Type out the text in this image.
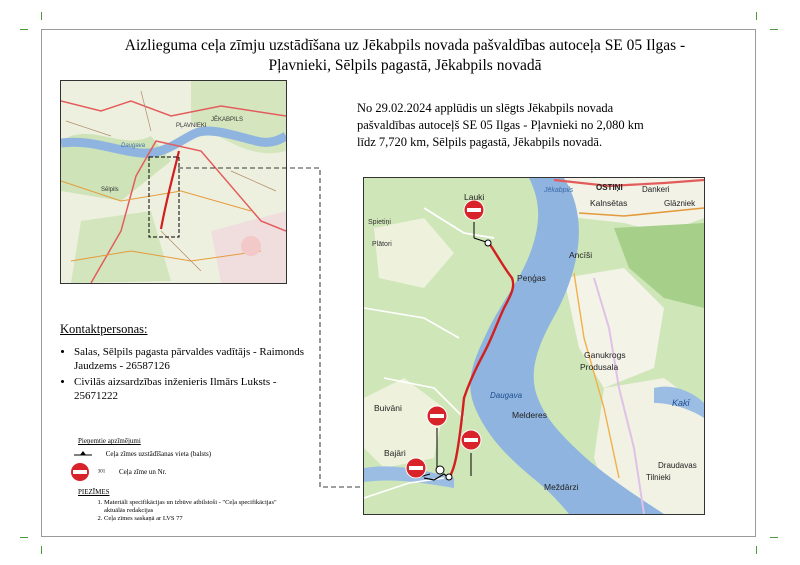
Aizlieguma ceļa zīmju uzstādīšana uz Jēkabpils novada pašvaldības autoceļa SE 05 Ilgas -
Pļavnieki, Sēlpils pagastā, Jēkabpils novadā
No 29.02.2024 applūdis un slēgts Jēkabpils novada pašvaldības autoceļš SE 05 Ilgas - Pļavnieki no 2,080 km līdz 7,720 km, Sēlpils pagastā, Jēkabpils novadā.
PĻAVNIEKI
JĒKABPILS
Sēlpils
Daugava
Lauki
Spietiņi
Plātori
Kalnsētas
Ancīši
Peņģas
Ganukrogs
Produsala
Buivāni
Melderes
Bajāri
Meždārzi
Tilnieki
Draudavas
Dankeri
Glāzniek
OSTIŅI
Jēkabpils
Daugava
Kakī
Kontaktpersonas:
• Salas, Sēlpils pagasta pārvaldes vadītājs - Raimonds Jaudzems - 26587126
• Civilās aizsardzības inženieris Ilmārs Luksts - 25671222
Pieņemtie apzīmējumi
Ceļa zīmes uzstādīšanas vieta (balsts)
301 Ceļa zīme un Nr.
PIEZĪMES
1. Materiāli specifikācijas un izbūve atbilstoši - "Ceļa specifikācijas" aktuālās redakcijas
2. Ceļa zīmes saskaņā ar LVS 77
